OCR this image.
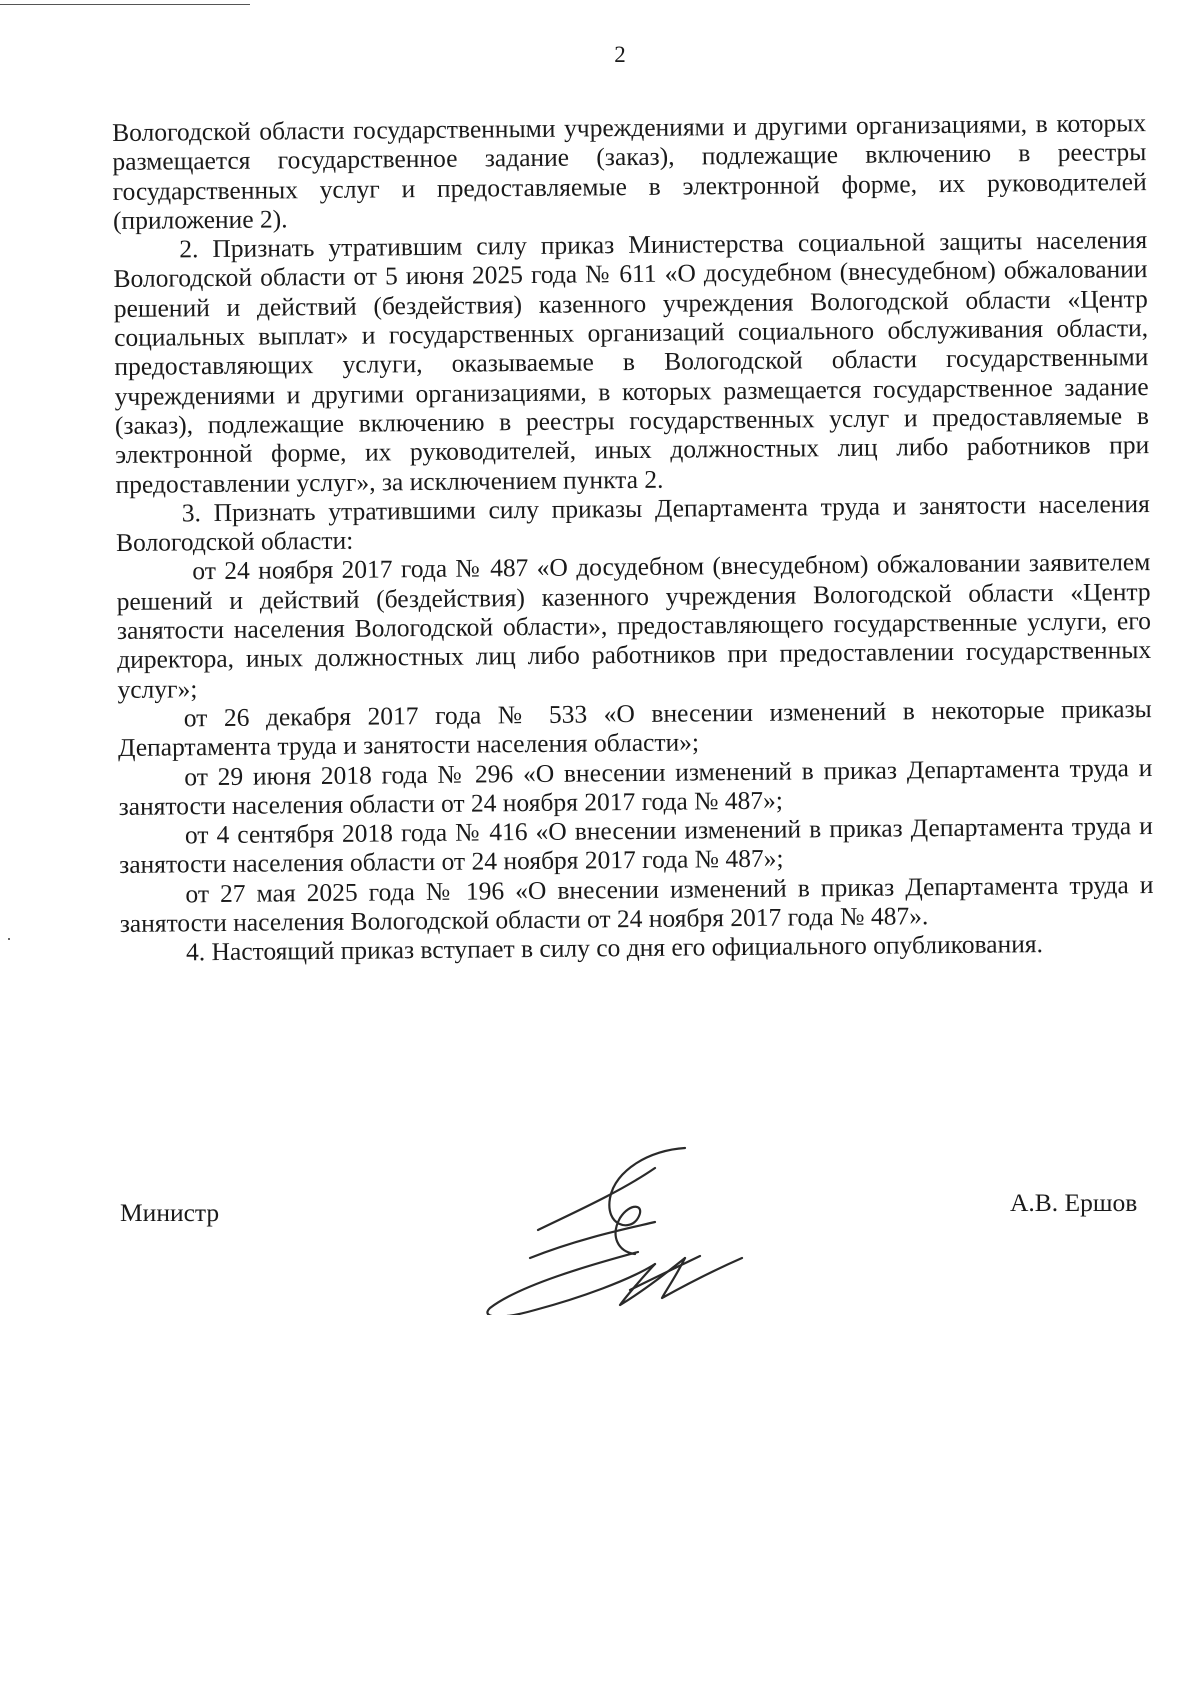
2

Вологодской области государственными учреждениями и другими организациями, в которых размещается государственное задание (заказ), подлежащие включению в реестры государственных услуг и предоставляемые в электронной форме, их руководителей (приложение 2).

2. Признать утратившим силу приказ Министерства социальной защиты населения Вологодской области от 5 июня 2025 года № 611 «О досудебном (внесудебном) обжаловании решений и действий (бездействия) казенного учреждения Вологодской области «Центр социальных выплат» и государственных организаций социального обслуживания области, предоставляющих услуги, оказываемые в Вологодской области государственными учреждениями и другими организациями, в которых размещается государственное задание (заказ), подлежащие включению в реестры государственных услуг и предоставляемые в электронной форме, их руководителей, иных должностных лиц либо работников при предоставлении услуг», за исключением пункта 2.

3. Признать утратившими силу приказы Департамента труда и занятости населения Вологодской области:

от 24 ноября 2017 года № 487 «О досудебном (внесудебном) обжаловании заявителем решений и действий (бездействия) казенного учреждения Вологодской области «Центр занятости населения Вологодской области», предоставляющего государственные услуги, его директора, иных должностных лиц либо работников при предоставлении государственных услуг»;

от 26 декабря 2017 года № 533 «О внесении изменений в некоторые приказы Департамента труда и занятости населения области»;

от 29 июня 2018 года № 296 «О внесении изменений в приказ Департамента труда и занятости населения области от 24 ноября 2017 года № 487»;

от 4 сентября 2018 года № 416 «О внесении изменений в приказ Департамента труда и занятости населения области от 24 ноября 2017 года № 487»;

от 27 мая 2025 года № 196 «О внесении изменений в приказ Департамента труда и занятости населения Вологодской области от 24 ноября 2017 года № 487».

4. Настоящий приказ вступает в силу со дня его официального опубликования.

Министр	А.В. Ершов
